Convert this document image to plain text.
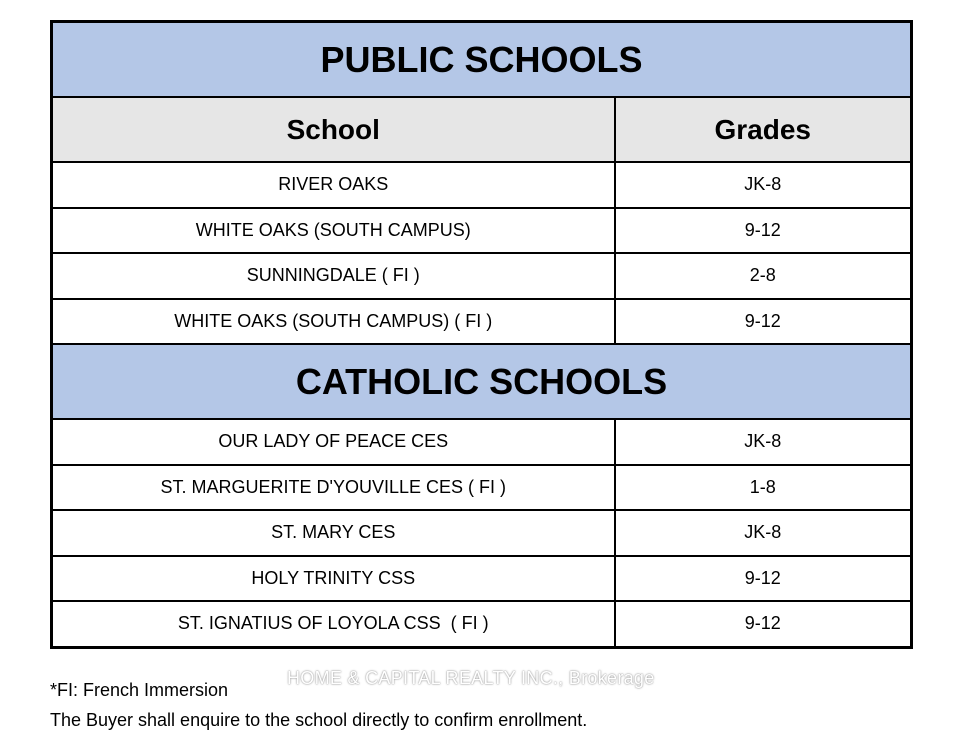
PUBLIC SCHOOLS	
School	Grades
RIVER OAKS	JK-8
WHITE OAKS (SOUTH CAMPUS)	9-12
SUNNINGDALE ( FI )	2-8
WHITE OAKS (SOUTH CAMPUS) ( FI )	9-12
CATHOLIC SCHOOLS	
OUR LADY OF PEACE CES	JK-8
ST. MARGUERITE D'YOUVILLE CES ( FI )	1-8
ST. MARY CES	JK-8
HOLY TRINITY CSS	9-12
ST. IGNATIUS OF LOYOLA CSS  ( FI )	9-12
*FI: French Immersion
The Buyer shall enquire to the school directly to confirm enrollment.
HOME & CAPITAL REALTY INC., Brokerage
